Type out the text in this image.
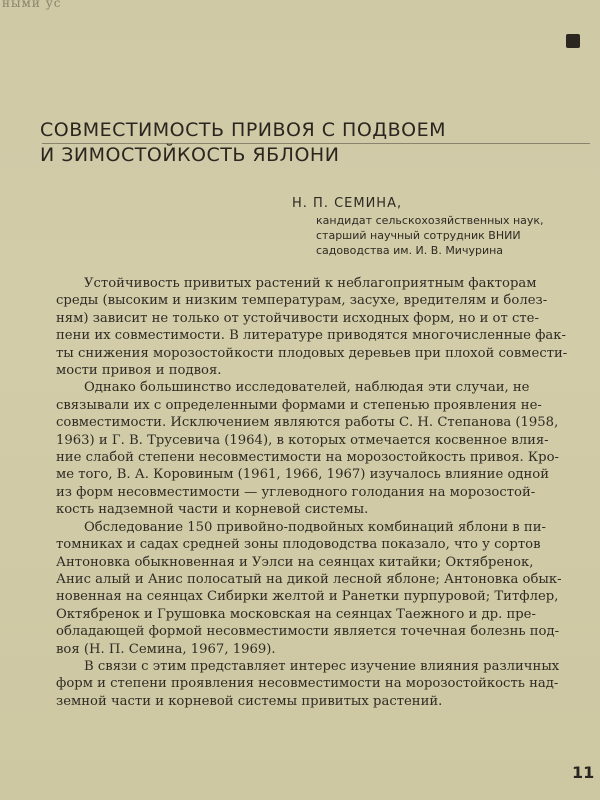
ными ус
СОВМЕСТИМОСТЬ ПРИВОЯ С ПОДВОЕМ
И ЗИМОСТОЙКОСТЬ ЯБЛОНИ
Н. П. СЕМИНА,
кандидат сельскохозяйственных наук,
старший научный сотрудник ВНИИ
садоводства им. И. В. Мичурина

Устойчивость привитых растений к неблагоприятным факторам
среды (высоким и низким температурам, засухе, вредителям и болез-
ням) зависит не только от устойчивости исходных форм, но и от сте-
пени их совместимости. В литературе приводятся многочисленные фак-
ты снижения морозостойкости плодовых деревьев при плохой совмести-
мости привоя и подвоя.

Однако большинство исследователей, наблюдая эти случаи, не
связывали их с определенными формами и степенью проявления не-
совместимости. Исключением являются работы С. Н. Степанова (1958,
1963) и Г. В. Трусевича (1964), в которых отмечается косвенное влия-
ние слабой степени несовместимости на морозостойкость привоя. Кро-
ме того, В. А. Коровиным (1961, 1966, 1967) изучалось влияние одной
из форм несовместимости — углеводного голодания на морозостой-
кость надземной части и корневой системы.

Обследование 150 привойно-подвойных комбинаций яблони в пи-
томниках и садах средней зоны плодоводства показало, что у сортов
Антоновка обыкновенная и Уэлси на сеянцах китайки; Октябренок,
Анис алый и Анис полосатый на дикой лесной яблоне; Антоновка обык-
новенная на сеянцах Сибирки желтой и Ранетки пурпуровой; Титфлер,
Октябренок и Грушовка московская на сеянцах Таежного и др. пре-
обладающей формой несовместимости является точечная болезнь под-
воя (Н. П. Семина, 1967, 1969).

В связи с этим представляет интерес изучение влияния различных
форм и степени проявления несовместимости на морозостойкость над-
земной части и корневой системы привитых растений.

11
